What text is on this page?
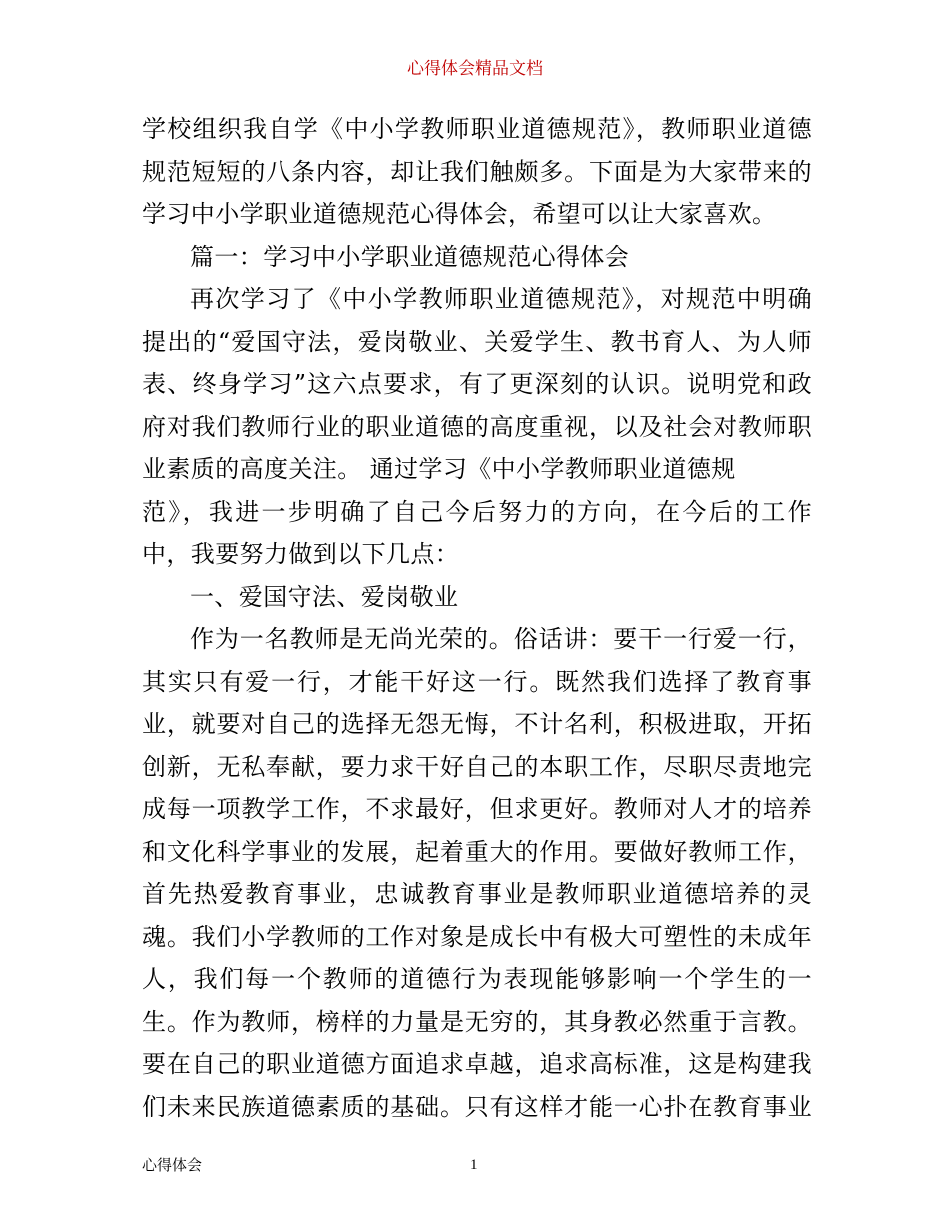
心得体会精品文档
学校组织我自学《中小学教师职业道德规范》，教师职业道德
规范短短的八条内容，却让我们触颇多。下面是为大家带来的
学习中小学职业道德规范心得体会，希望可以让大家喜欢。
篇一：学习中小学职业道德规范心得体会
再次学习了《中小学教师职业道德规范》，对规范中明确
提出的“爱国守法，爱岗敬业、关爱学生、教书育人、为人师
表、终身学习”这六点要求，有了更深刻的认识。说明党和政
府对我们教师行业的职业道德的高度重视，以及社会对教师职
业素质的高度关注。 通过学习《中小学教师职业道德规
范》，我进一步明确了自己今后努力的方向，在今后的工作
中，我要努力做到以下几点：
一、爱国守法、爱岗敬业
作为一名教师是无尚光荣的。俗话讲：要干一行爱一行，
其实只有爱一行，才能干好这一行。既然我们选择了教育事
业，就要对自己的选择无怨无悔，不计名利，积极进取，开拓
创新，无私奉献，要力求干好自己的本职工作，尽职尽责地完
成每一项教学工作，不求最好，但求更好。教师对人才的培养
和文化科学事业的发展，起着重大的作用。要做好教师工作，
首先热爱教育事业，忠诚教育事业是教师职业道德培养的灵
魂。我们小学教师的工作对象是成长中有极大可塑性的未成年
人，我们每一个教师的道德行为表现能够影响一个学生的一
生。作为教师，榜样的力量是无穷的，其身教必然重于言教。
要在自己的职业道德方面追求卓越，追求高标准，这是构建我
们未来民族道德素质的基础。只有这样才能一心扑在教育事业
心得体会	1
